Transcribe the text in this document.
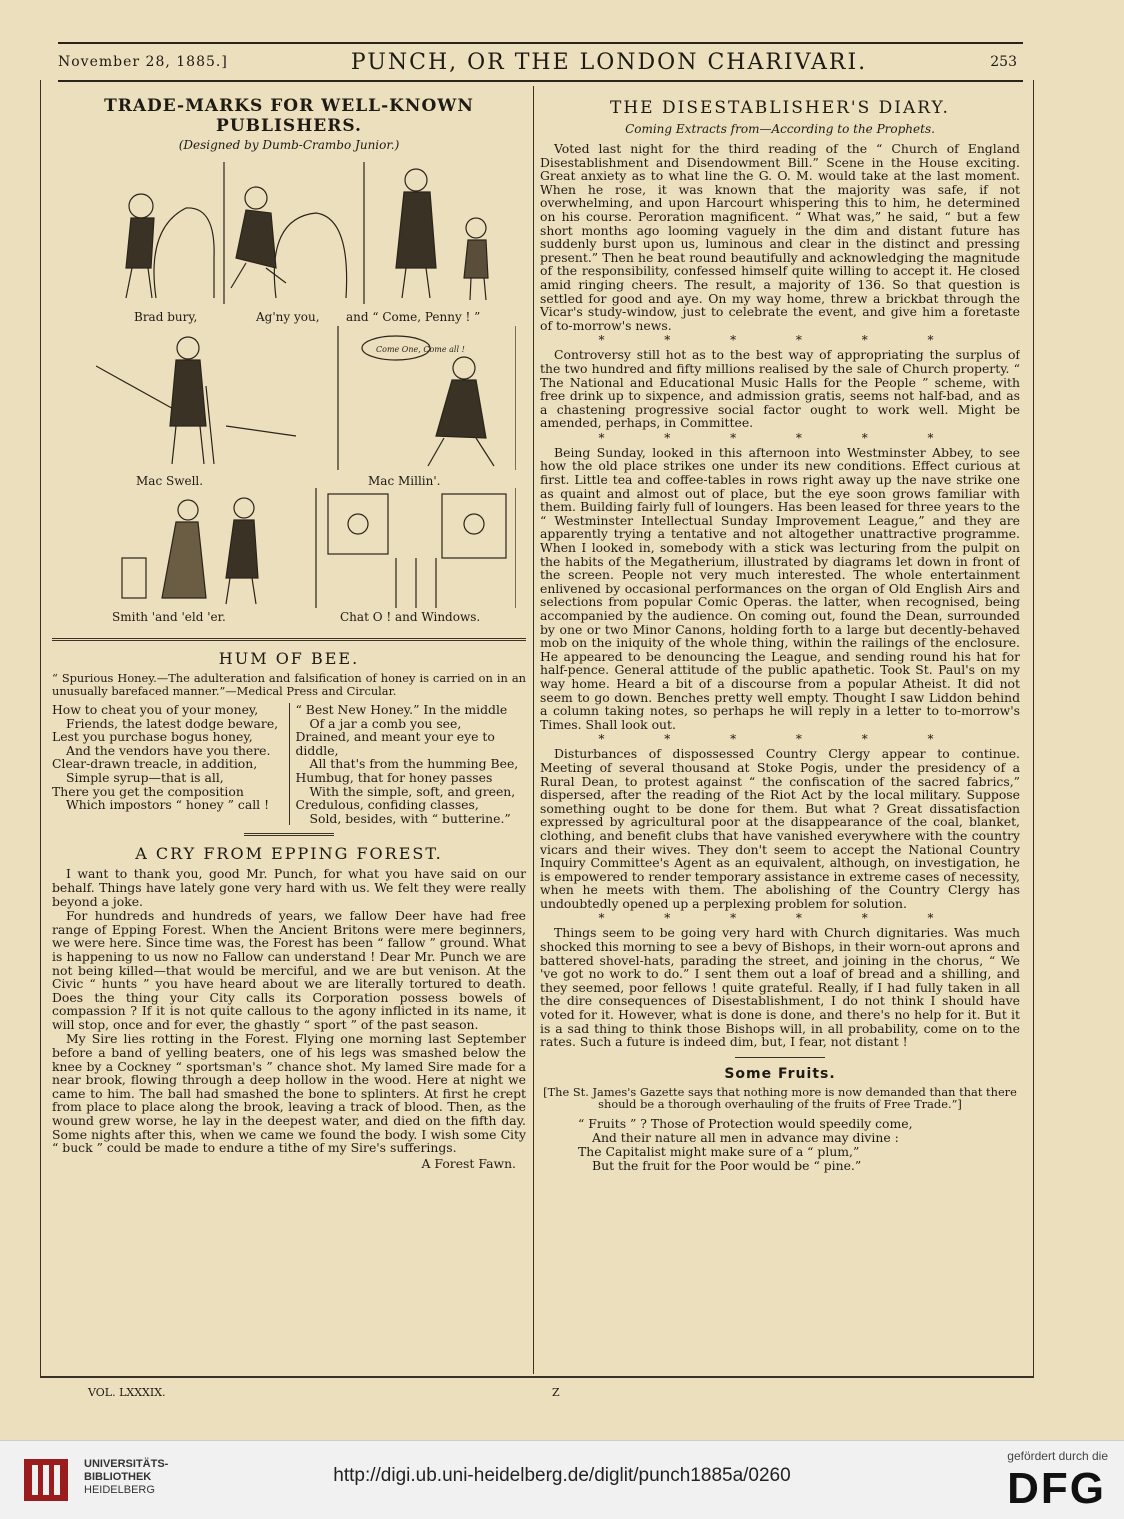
November 28, 1885.]	PUNCH, OR THE LONDON CHARIVARI.	253
TRADE-MARKS FOR WELL-KNOWN PUBLISHERS.
(Designed by Dumb-Crambo Junior.)
Brad bury,	Ag'ny you, and “ Come, Penny ! ”
Come One, Come all !
Mac Swell.	Mac Millin'.
Smith 'and 'eld 'er.	Chat O ! and Windows.
HUM OF BEE.
“ Spurious Honey.—The adulteration and falsification of honey is carried on in an unusually barefaced manner.”—Medical Press and Circular.

How to cheat you of your money,

Friends, the latest dodge beware,

Lest you purchase bogus honey,

And the vendors have you there.

Clear-drawn treacle, in addition,

Simple syrup—that is all,

There you get the composition

Which impostors “ honey ” call !

“ Best New Honey.” In the middle

Of a jar a comb you see,

Drained, and meant your eye to diddle,

All that's from the humming Bee,

Humbug, that for honey passes

With the simple, soft, and green,

Credulous, confiding classes,

Sold, besides, with “ butterine.”

A CRY FROM EPPING FOREST.

I want to thank you, good Mr. Punch, for what you have said on our behalf. Things have lately gone very hard with us. We felt they were really beyond a joke.

For hundreds and hundreds of years, we fallow Deer have had free range of Epping Forest. When the Ancient Britons were mere beginners, we were here. Since time was, the Forest has been “ fallow ” ground. What is happening to us now no Fallow can understand ! Dear Mr. Punch we are not being killed—that would be merciful, and we are but venison. At the Civic “ hunts ” you have heard about we are literally tortured to death. Does the thing your City calls its Corporation possess bowels of compassion ? If it is not quite callous to the agony inflicted in its name, it will stop, once and for ever, the ghastly “ sport ” of the past season.

My Sire lies rotting in the Forest. Flying one morning last September before a band of yelling beaters, one of his legs was smashed below the knee by a Cockney “ sportsman's ” chance shot. My lamed Sire made for a near brook, flowing through a deep hollow in the wood. Here at night we came to him. The ball had smashed the bone to splinters. At first he crept from place to place along the brook, leaving a track of blood. Then, as the wound grew worse, he lay in the deepest water, and died on the fifth day. Some nights after this, when we came we found the body. I wish some City “ buck ” could be made to endure a tithe of my Sire's sufferings.

A Forest Fawn.
THE DISESTABLISHER'S DIARY.
Coming Extracts from—According to the Prophets.

Voted last night for the third reading of the “ Church of England Disestablishment and Disendowment Bill.” Scene in the House exciting. Great anxiety as to what line the G. O. M. would take at the last moment. When he rose, it was known that the majority was safe, if not overwhelming, and upon Harcourt whispering this to him, he determined on his course. Peroration magnificent. “ What was,” he said, “ but a few short months ago looming vaguely in the dim and distant future has suddenly burst upon us, luminous and clear in the distinct and pressing present.” Then he beat round beautifully and acknowledging the magnitude of the responsibility, confessed himself quite willing to accept it. He closed amid ringing cheers. The result, a majority of 136. So that question is settled for good and aye. On my way home, threw a brickbat through the Vicar's study-window, just to celebrate the event, and give him a foretaste of to-morrow's news.

* * * * * *

Controversy still hot as to the best way of appropriating the surplus of the two hundred and fifty millions realised by the sale of Church property. “ The National and Educational Music Halls for the People ” scheme, with free drink up to sixpence, and admission gratis, seems not half-bad, and as a chastening progressive social factor ought to work well. Might be amended, perhaps, in Committee.

* * * * * *

Being Sunday, looked in this afternoon into Westminster Abbey, to see how the old place strikes one under its new conditions. Effect curious at first. Little tea and coffee-tables in rows right away up the nave strike one as quaint and almost out of place, but the eye soon grows familiar with them. Building fairly full of loungers. Has been leased for three years to the “ Westminster Intellectual Sunday Improvement League,” and they are apparently trying a tentative and not altogether unattractive programme. When I looked in, somebody with a stick was lecturing from the pulpit on the habits of the Megatherium, illustrated by diagrams let down in front of the screen. People not very much interested. The whole entertainment enlivened by occasional performances on the organ of Old English Airs and selections from popular Comic Operas. the latter, when recognised, being accompanied by the audience. On coming out, found the Dean, surrounded by one or two Minor Canons, holding forth to a large but decently-behaved mob on the iniquity of the whole thing, within the railings of the enclosure. He appeared to be denouncing the League, and sending round his hat for half-pence. General attitude of the public apathetic. Took St. Paul's on my way home. Heard a bit of a discourse from a popular Atheist. It did not seem to go down. Benches pretty well empty. Thought I saw Liddon behind a column taking notes, so perhaps he will reply in a letter to to-morrow's Times. Shall look out.

* * * * * *

Disturbances of dispossessed Country Clergy appear to continue. Meeting of several thousand at Stoke Pogis, under the presidency of a Rural Dean, to protest against “ the confiscation of the sacred fabrics,” dispersed, after the reading of the Riot Act by the local military. Suppose something ought to be done for them. But what ? Great dissatisfaction expressed by agricultural poor at the disappearance of the coal, blanket, clothing, and benefit clubs that have vanished everywhere with the country vicars and their wives. They don't seem to accept the National Country Inquiry Committee's Agent as an equivalent, although, on investigation, he is empowered to render temporary assistance in extreme cases of necessity, when he meets with them. The abolishing of the Country Clergy has undoubtedly opened up a perplexing problem for solution.

* * * * * *

Things seem to be going very hard with Church dignitaries. Was much shocked this morning to see a bevy of Bishops, in their worn-out aprons and battered shovel-hats, parading the street, and joining in the chorus, “ We 've got no work to do.” I sent them out a loaf of bread and a shilling, and they seemed, poor fellows ! quite grateful. Really, if I had fully taken in all the dire consequences of Disestablishment, I do not think I should have voted for it. However, what is done is done, and there's no help for it. But it is a sad thing to think those Bishops will, in all probability, come on to the rates. Such a future is indeed dim, but, I fear, not distant !

Some Fruits.
[The St. James's Gazette says that nothing more is now demanded than that there should be a thorough overhauling of the fruits of Free Trade.”]

“ Fruits ” ? Those of Protection would speedily come,

And their nature all men in advance may divine :

The Capitalist might make sure of a “ plum,”

But the fruit for the Poor would be “ pine.”

VOL. LXXXIX.	Z
UNIVERSITÄTS-
BIBLIOTHEK
HEIDELBERG
http://digi.ub.uni-heidelberg.de/diglit/punch1885a/0260
gefördert durch die
DFG
